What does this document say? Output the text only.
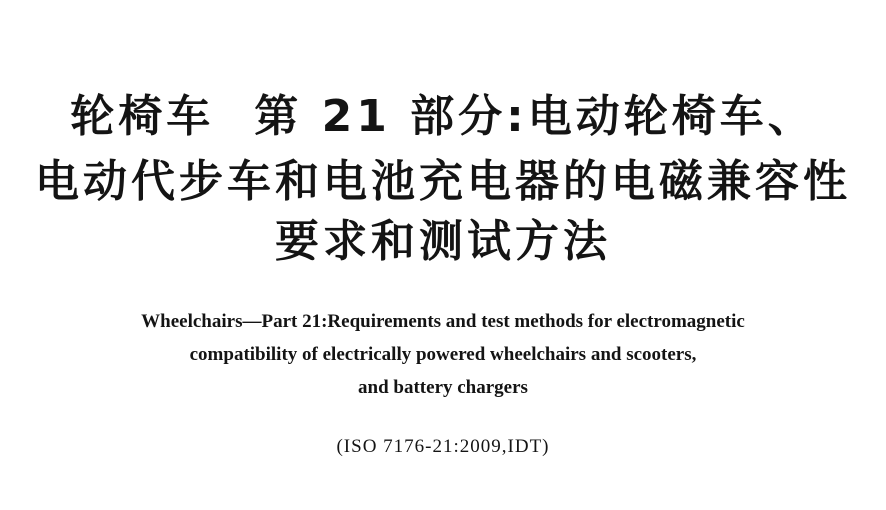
轮椅车 第 21 部分:电动轮椅车、
电动代步车和电池充电器的电磁兼容性
要求和测试方法
Wheelchairs—Part 21:Requirements and test methods for electromagnetic
compatibility of electrically powered wheelchairs and scooters,
and battery chargers
(ISO 7176-21:2009,IDT)
